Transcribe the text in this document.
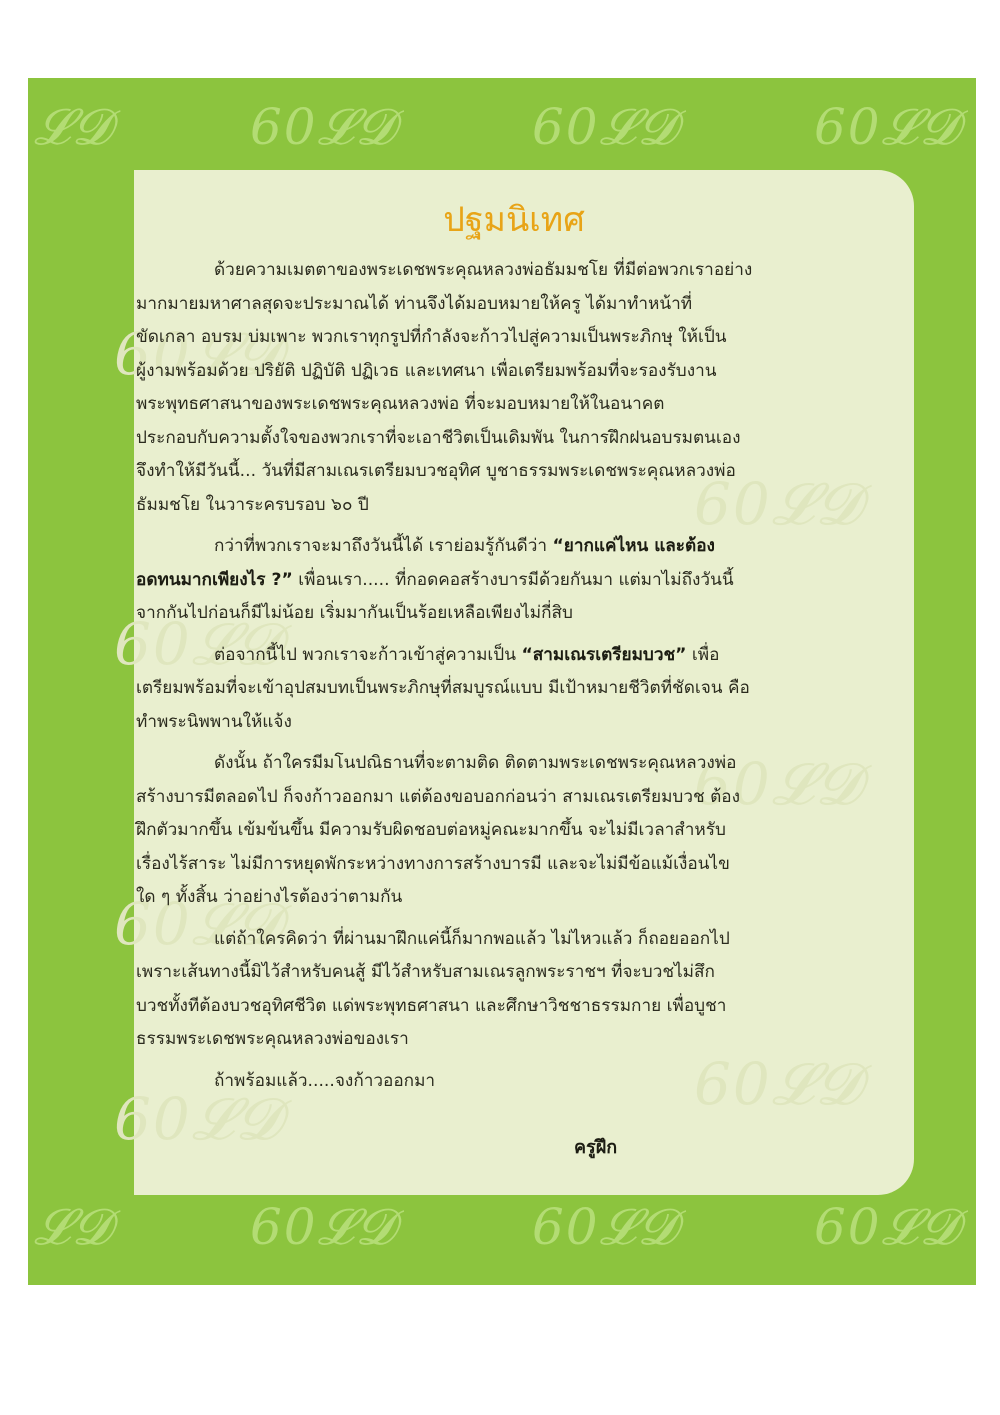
𝓛𝓓	60𝓛𝓓	60𝓛𝓓	60𝓛𝓓
𝓛𝓓	60𝓛𝓓	60𝓛𝓓	60𝓛𝓓
60𝓛𝓓
60𝓛𝓓
60𝓛𝓓
60𝓛𝓓
60𝓛𝓓
60𝓛𝓓
60𝓛𝓓
ปฐมนิเทศ
ด้วยความเมตตาของพระเดชพระคุณหลวงพ่อธัมมชโย ที่มีต่อพวกเราอย่าง
มากมายมหาศาลสุดจะประมาณได้ ท่านจึงได้มอบหมายให้ครู ได้มาทำหน้าที่
ขัดเกลา อบรม บ่มเพาะ พวกเราทุกรูปที่กำลังจะก้าวไปสู่ความเป็นพระภิกษุ ให้เป็น
ผู้งามพร้อมด้วย ปริยัติ ปฏิบัติ ปฏิเวธ และเทศนา เพื่อเตรียมพร้อมที่จะรองรับงาน
พระพุทธศาสนาของพระเดชพระคุณหลวงพ่อ ที่จะมอบหมายให้ในอนาคต
ประกอบกับความตั้งใจของพวกเราที่จะเอาชีวิตเป็นเดิมพัน ในการฝึกฝนอบรมตนเอง
จึงทำให้มีวันนี้... วันที่มีสามเณรเตรียมบวชอุทิศ บูชาธรรมพระเดชพระคุณหลวงพ่อ
ธัมมชโย ในวาระครบรอบ ๖๐ ปี
กว่าที่พวกเราจะมาถึงวันนี้ได้ เราย่อมรู้กันดีว่า “ยากแค่ไหน และต้อง
อดทนมากเพียงไร ?” เพื่อนเรา..... ที่กอดคอสร้างบารมีด้วยกันมา แต่มาไม่ถึงวันนี้
จากกันไปก่อนก็มีไม่น้อย เริ่มมากันเป็นร้อยเหลือเพียงไม่กี่สิบ
ต่อจากนี้ไป พวกเราจะก้าวเข้าสู่ความเป็น “สามเณรเตรียมบวช” เพื่อ
เตรียมพร้อมที่จะเข้าอุปสมบทเป็นพระภิกษุที่สมบูรณ์แบบ มีเป้าหมายชีวิตที่ชัดเจน คือ
ทำพระนิพพานให้แจ้ง
ดังนั้น ถ้าใครมีมโนปณิธานที่จะตามติด ติดตามพระเดชพระคุณหลวงพ่อ
สร้างบารมีตลอดไป ก็จงก้าวออกมา แต่ต้องขอบอกก่อนว่า สามเณรเตรียมบวช ต้อง
ฝึกตัวมากขึ้น เข้มข้นขึ้น มีความรับผิดชอบต่อหมู่คณะมากขึ้น จะไม่มีเวลาสำหรับ
เรื่องไร้สาระ ไม่มีการหยุดพักระหว่างทางการสร้างบารมี และจะไม่มีข้อแม้เงื่อนไข
ใด ๆ ทั้งสิ้น ว่าอย่างไรต้องว่าตามกัน
แต่ถ้าใครคิดว่า ที่ผ่านมาฝึกแค่นี้ก็มากพอแล้ว ไม่ไหวแล้ว ก็ถอยออกไป
เพราะเส้นทางนี้มิไว้สำหรับคนสู้ มีไว้สำหรับสามเณรลูกพระราชฯ ที่จะบวชไม่สึก
บวชทั้งทีต้องบวชอุทิศชีวิต แด่พระพุทธศาสนา และศึกษาวิชชาธรรมกาย เพื่อบูชา
ธรรมพระเดชพระคุณหลวงพ่อของเรา
ถ้าพร้อมแล้ว.....จงก้าวออกมา
ครูฝึก
